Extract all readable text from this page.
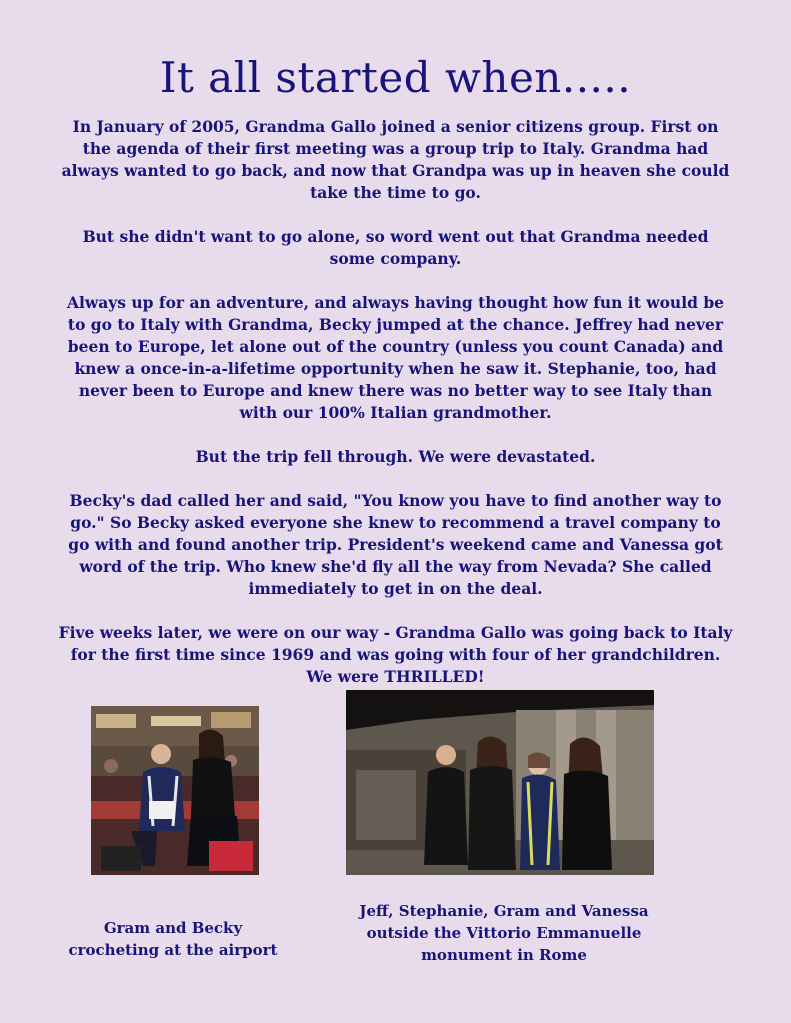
It all started when.....

In January of 2005, Grandma Gallo joined a senior citizens group. First on the agenda of their first meeting was a group trip to Italy. Grandma had always wanted to go back, and now that Grandpa was up in heaven she could take the time to go.

But she didn't want to go alone, so word went out that Grandma needed some company.

Always up for an adventure, and always having thought how fun it would be to go to Italy with Grandma, Becky jumped at the chance. Jeffrey had never been to Europe, let alone out of the country (unless you count Canada) and knew a once-in-a-lifetime opportunity when he saw it. Stephanie, too, had never been to Europe and knew there was no better way to see Italy than with our 100% Italian grandmother.

But the trip fell through. We were devastated.

Becky's dad called her and said, "You know you have to find another way to go." So Becky asked everyone she knew to recommend a travel company to go with and found another trip. President's weekend came and Vanessa got word of the trip. Who knew she'd fly all the way from Nevada? She called immediately to get in on the deal.

Five weeks later, we were on our way - Grandma Gallo was going back to Italy for the first time since 1969 and was going with four of her grandchildren. We were THRILLED!

Gram and Becky crocheting at the airport
Jeff, Stephanie, Gram and Vanessa outside the Vittorio Emmanuelle monument in Rome
